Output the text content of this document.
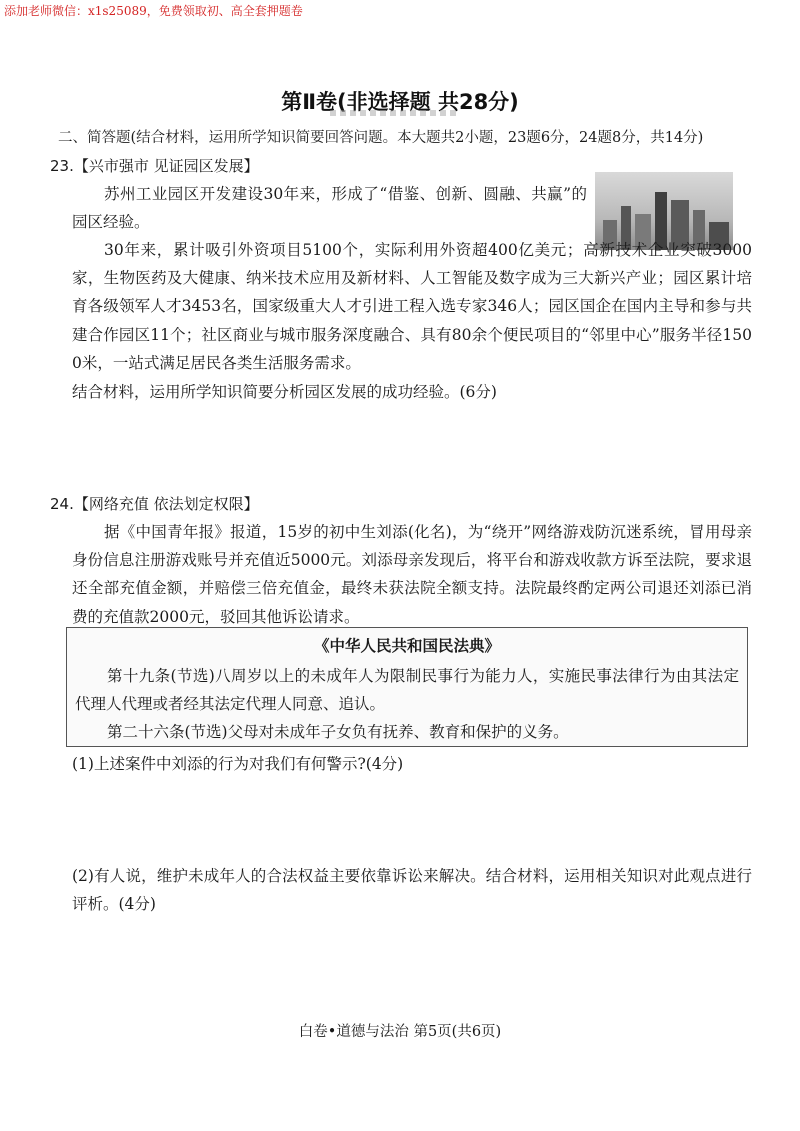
添加老师微信：x1s25089，免费领取初、高全套押题卷
第Ⅱ卷(非选择题 共28分)
二、简答题(结合材料，运用所学知识简要回答问题。本大题共2小题，23题6分，24题8分，共14分)
23.【兴市强市 见证园区发展】
苏州工业园区开发建设30年来，形成了“借鉴、创新、圆融、共赢”的园区经验。
30年来，累计吸引外资项目5100个，实际利用外资超400亿美元；高新技术企业突破3000家，生物医药及大健康、纳米技术应用及新材料、人工智能及数字成为三大新兴产业；园区累计培育各级领军人才3453名，国家级重大人才引进工程入选专家346人；园区国企在国内主导和参与共建合作园区11个；社区商业与城市服务深度融合、具有80余个便民项目的“邻里中心”服务半径1500米，一站式满足居民各类生活服务需求。
结合材料，运用所学知识简要分析园区发展的成功经验。(6分)
24.【网络充值 依法划定权限】
据《中国青年报》报道，15岁的初中生刘添(化名)，为“绕开”网络游戏防沉迷系统，冒用母亲身份信息注册游戏账号并充值近5000元。刘添母亲发现后，将平台和游戏收款方诉至法院，要求退还全部充值金额，并赔偿三倍充值金，最终未获法院全额支持。法院最终酌定两公司退还刘添已消费的充值款2000元，驳回其他诉讼请求。
《中华人民共和国民法典》
第十九条(节选)八周岁以上的未成年人为限制民事行为能力人，实施民事法律行为由其法定代理人代理或者经其法定代理人同意、追认。
第二十六条(节选)父母对未成年子女负有抚养、教育和保护的义务。
(1)上述案件中刘添的行为对我们有何警示?(4分)
(2)有人说，维护未成年人的合法权益主要依靠诉讼来解决。结合材料，运用相关知识对此观点进行评析。(4分)
白卷•道德与法治 第5页(共6页)
